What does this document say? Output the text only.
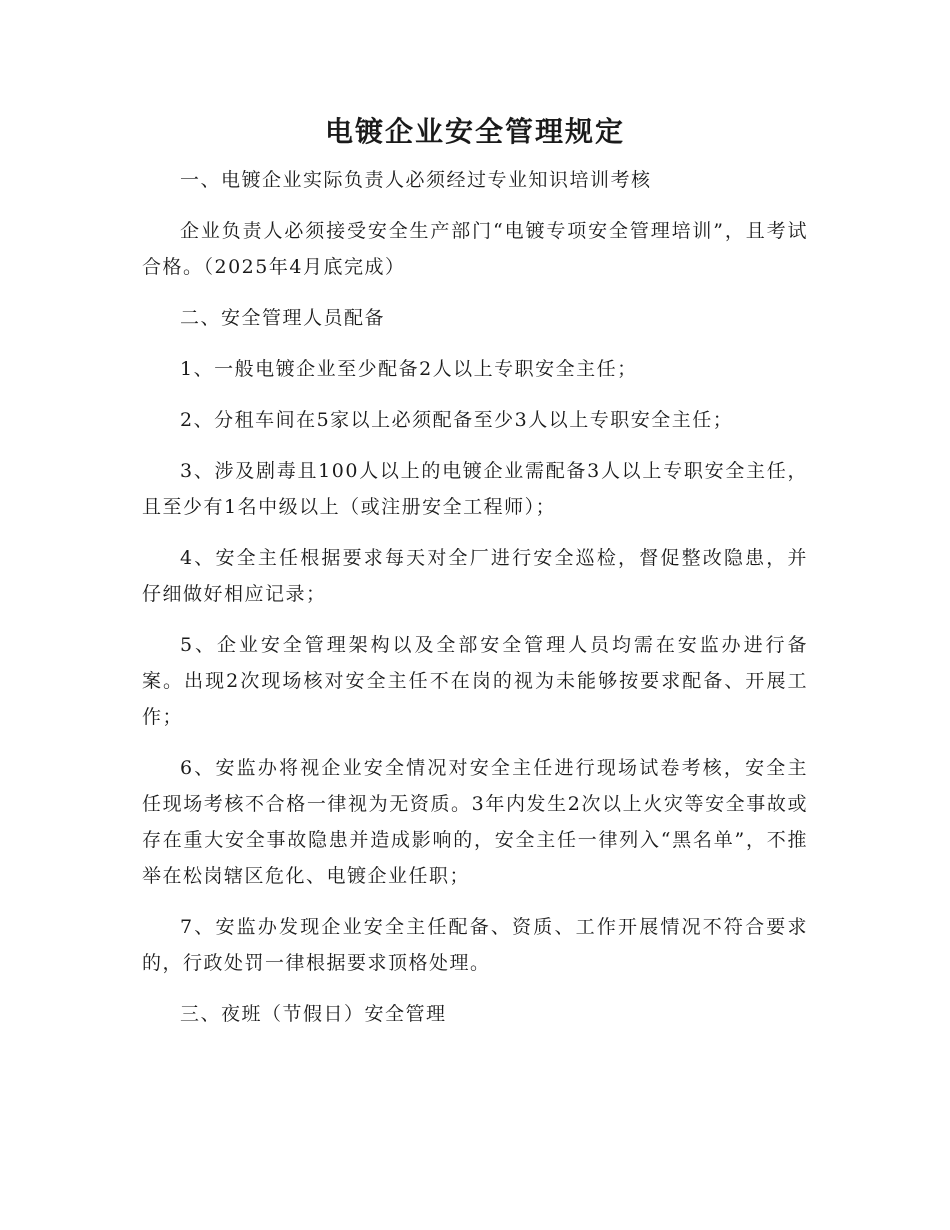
电镀企业安全管理规定

一、电镀企业实际负责人必须经过专业知识培训考核

企业负责人必须接受安全生产部门“电镀专项安全管理培训”，且考试合格。（2025年4月底完成）

二、安全管理人员配备

1、一般电镀企业至少配备2人以上专职安全主任；

2、分租车间在5家以上必须配备至少3人以上专职安全主任；

3、涉及剧毒且100人以上的电镀企业需配备3人以上专职安全主任，且至少有1名中级以上（或注册安全工程师）；

4、安全主任根据要求每天对全厂进行安全巡检，督促整改隐患，并仔细做好相应记录；

5、企业安全管理架构以及全部安全管理人员均需在安监办进行备案。出现2次现场核对安全主任不在岗的视为未能够按要求配备、开展工作；

6、安监办将视企业安全情况对安全主任进行现场试卷考核，安全主任现场考核不合格一律视为无资质。3年内发生2次以上火灾等安全事故或存在重大安全事故隐患并造成影响的，安全主任一律列入“黑名单”，不推举在松岗辖区危化、电镀企业任职；

7、安监办发现企业安全主任配备、资质、工作开展情况不符合要求的，行政处罚一律根据要求顶格处理。

三、夜班（节假日）安全管理
